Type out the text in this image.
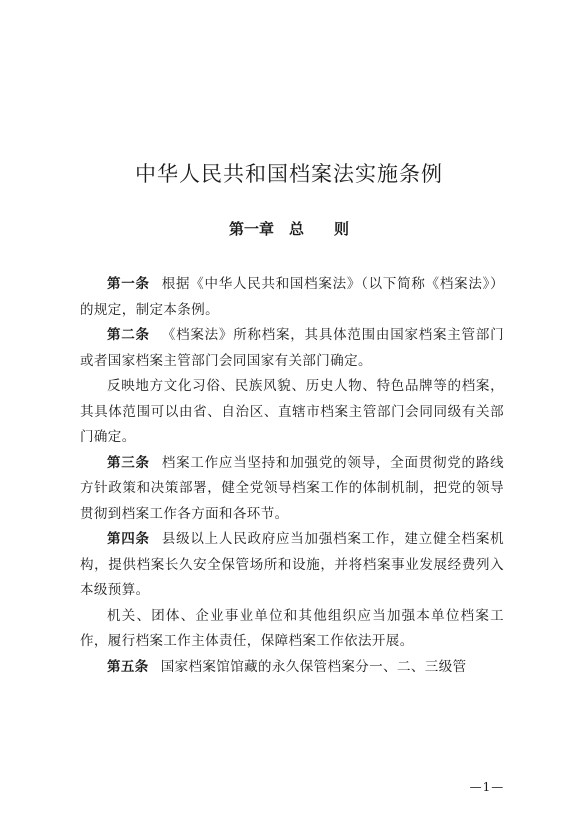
中华人民共和国档案法实施条例
第一章　总　　则

第一条 根据《中华人民共和国档案法》（以下简称《档案法》）的规定，制定本条例。

第二条 《档案法》所称档案，其具体范围由国家档案主管部门或者国家档案主管部门会同国家有关部门确定。

反映地方文化习俗、民族风貌、历史人物、特色品牌等的档案，其具体范围可以由省、自治区、直辖市档案主管部门会同同级有关部门确定。

第三条 档案工作应当坚持和加强党的领导，全面贯彻党的路线方针政策和决策部署，健全党领导档案工作的体制机制，把党的领导贯彻到档案工作各方面和各环节。

第四条 县级以上人民政府应当加强档案工作，建立健全档案机构，提供档案长久安全保管场所和设施，并将档案事业发展经费列入本级预算。

机关、团体、企业事业单位和其他组织应当加强本单位档案工作，履行档案工作主体责任，保障档案工作依法开展。

第五条 国家档案馆馆藏的永久保管档案分一、二、三级管

—1—
